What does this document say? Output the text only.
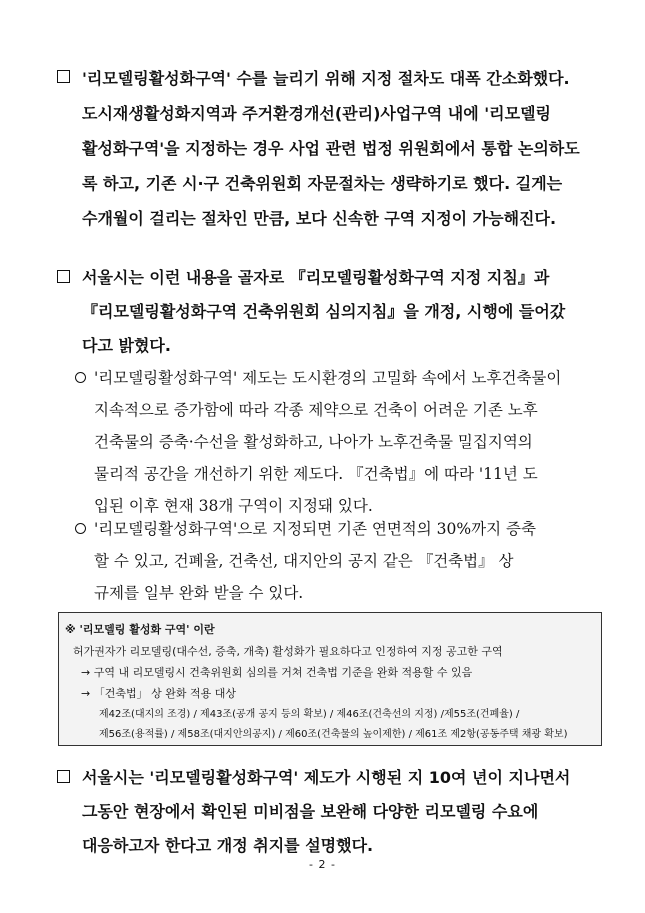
'리모델링활성화구역' 수를 늘리기 위해 지정 절차도 대폭 간소화했다.
도시재생활성화지역과 주거환경개선(관리)사업구역 내에 '리모델링
활성화구역'을 지정하는 경우 사업 관련 법정 위원회에서 통합 논의하도
록 하고, 기존 시·구 건축위원회 자문절차는 생략하기로 했다. 길게는
수개월이 걸리는 절차인 만큼, 보다 신속한 구역 지정이 가능해진다.
서울시는 이런 내용을 골자로 『리모델링활성화구역 지정 지침』과
『리모델링활성화구역 건축위원회 심의지침』을 개정, 시행에 들어갔
다고 밝혔다.
'리모델링활성화구역' 제도는 도시환경의 고밀화 속에서 노후건축물이
지속적으로 증가함에 따라 각종 제약으로 건축이 어려운 기존 노후
건축물의 증축·수선을 활성화하고, 나아가 노후건축물 밀집지역의
물리적 공간을 개선하기 위한 제도다. 『건축법』에 따라 '11년 도
입된 이후 현재 38개 구역이 지정돼 있다.
'리모델링활성화구역'으로 지정되면 기존 연면적의 30%까지 증축
할 수 있고, 건폐율, 건축선, 대지안의 공지 같은 『건축법』 상
규제를 일부 완화 받을 수 있다.
※ '리모델링 활성화 구역' 이란
허가권자가 리모델링(대수선, 증축, 개축) 활성화가 필요하다고 인정하여 지정 공고한 구역
→ 구역 내 리모델링시 건축위원회 심의를 거쳐 건축법 기준을 완화 적용할 수 있음
→ 「건축법」 상 완화 적용 대상
제42조(대지의 조경) / 제43조(공개 공지 등의 확보) / 제46조(건축선의 지정) /제55조(건폐율) /
제56조(용적률) / 제58조(대지안의공지) / 제60조(건축물의 높이제한) / 제61조 제2항(공동주택 채광 확보)
서울시는 '리모델링활성화구역' 제도가 시행된 지 10여 년이 지나면서
그동안 현장에서 확인된 미비점을 보완해 다양한 리모델링 수요에
대응하고자 한다고 개정 취지를 설명했다.
- 2 -
